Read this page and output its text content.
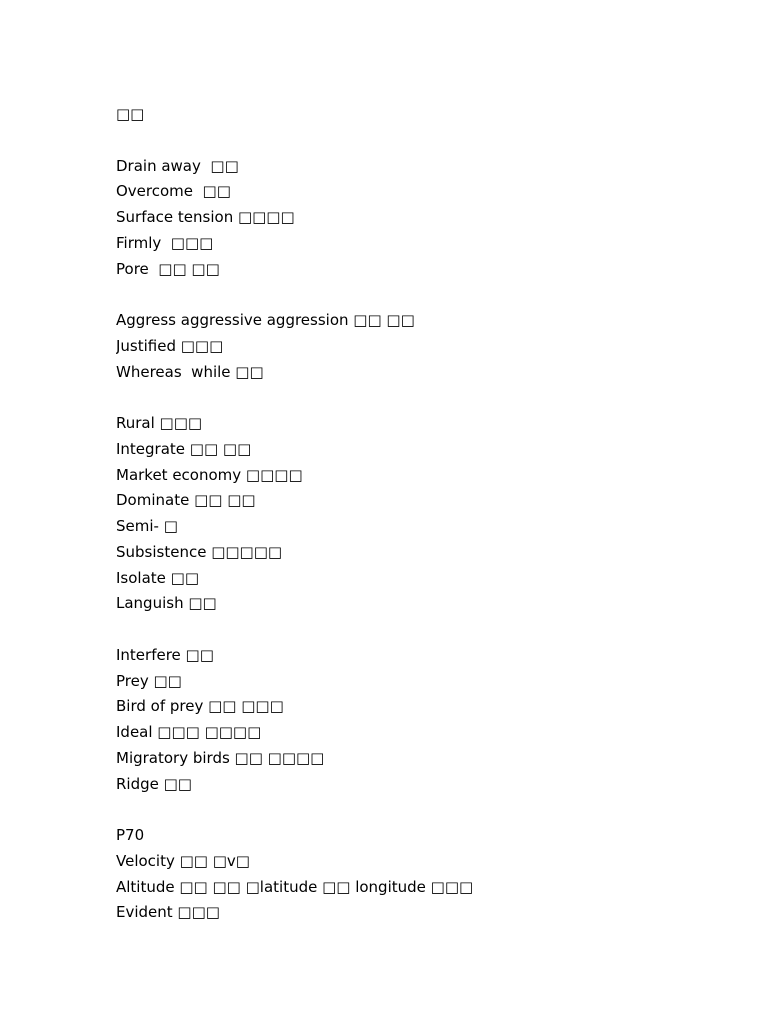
□□
Drain away  □□
Overcome  □□
Surface tension □□□□
Firmly  □□□
Pore  □□ □□
Aggress aggressive aggression □□ □□
Justified □□□
Whereas  while □□
Rural □□□
Integrate □□ □□
Market economy □□□□
Dominate □□ □□
Semi- □
Subsistence □□□□□
Isolate □□
Languish □□
Interfere □□
Prey □□
Bird of prey □□ □□□
Ideal □□□ □□□□
Migratory birds □□ □□□□
Ridge □□
P70
Velocity □□ □v□
Altitude □□ □□ □latitude □□ longitude □□□
Evident □□□
